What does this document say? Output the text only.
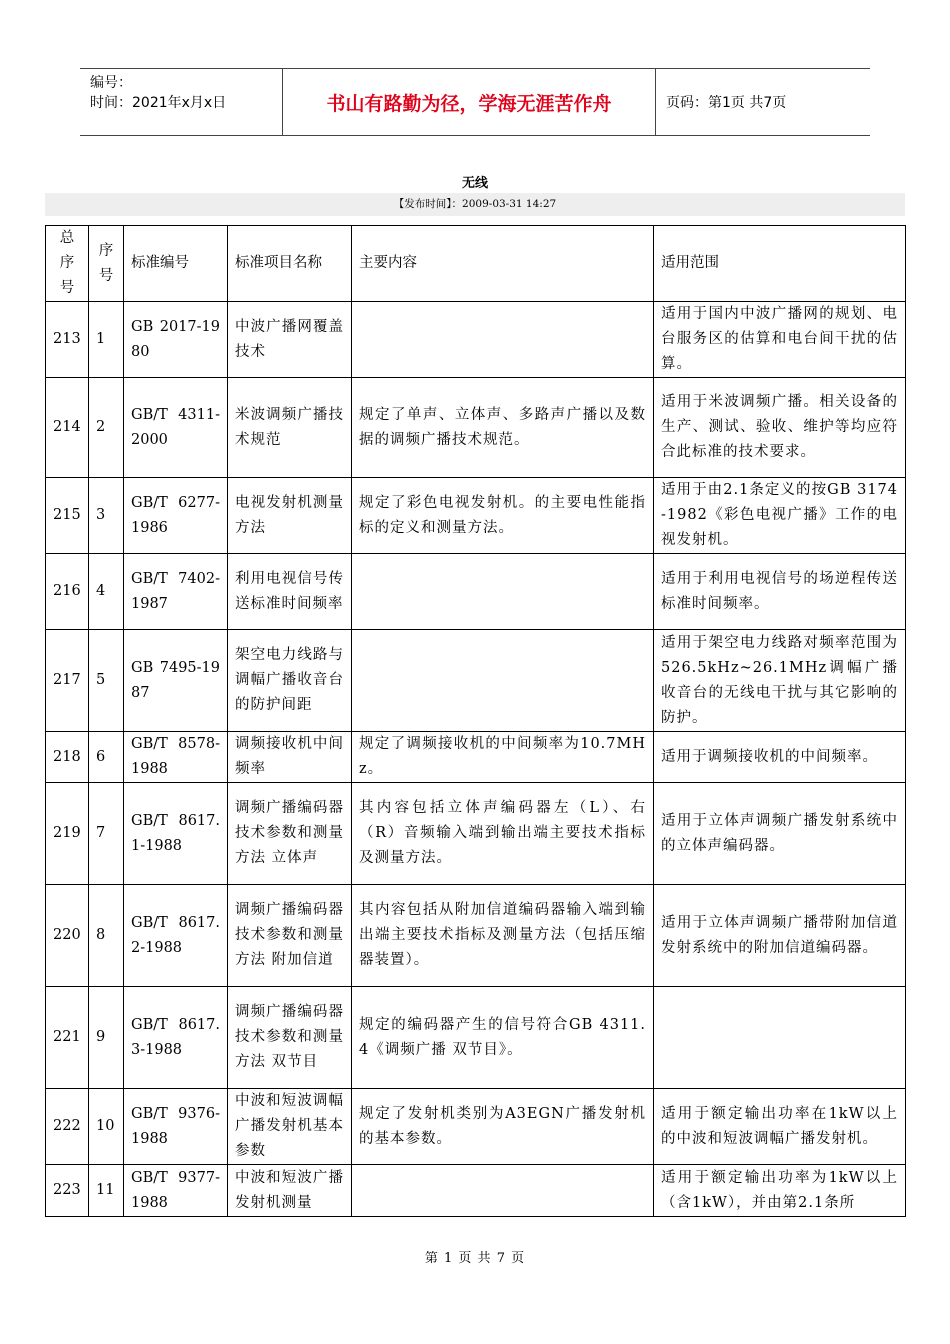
编号：
时间：2021年x月x日	书山有路勤为径，学海无涯苦作舟	页码：第1页 共7页
无线
【发布时间】：2009-03-31 14:27
总序号	序号	标准编号	标准项目名称	主要内容	适用范围
213	1	GB 2017-1980	中波广播网覆盖技术		适用于国内中波广播网的规划、电台服务区的估算和电台间干扰的估算。
214	2	GB/T 4311-2000	米波调频广播技术规范	规定了单声、立体声、多路声广播以及数据的调频广播技术规范。	适用于米波调频广播。相关设备的生产、测试、验收、维护等均应符合此标准的技术要求。
215	3	GB/T 6277-1986	电视发射机测量方法	规定了彩色电视发射机。的主要电性能指标的定义和测量方法。	适用于由2.1条定义的按GB 3174-1982《彩色电视广播》工作的电视发射机。
216	4	GB/T 7402-1987	利用电视信号传送标准时间频率		适用于利用电视信号的场逆程传送标准时间频率。
217	5	GB 7495-1987	架空电力线路与调幅广播收音台的防护间距		适用于架空电力线路对频率范围为526.5kHz~26.1MHz调幅广播收音台的无线电干扰与其它影响的防护。
218	6	GB/T 8578-1988	调频接收机中间频率	规定了调频接收机的中间频率为10.7MHz。	适用于调频接收机的中间频率。
219	7	GB/T 8617.1-1988	调频广播编码器技术参数和测量方法 立体声	其内容包括立体声编码器左（L）、右（R）音频输入端到输出端主要技术指标及测量方法。	适用于立体声调频广播发射系统中的立体声编码器。
220	8	GB/T 8617.2-1988	调频广播编码器技术参数和测量方法 附加信道	其内容包括从附加信道编码器输入端到输出端主要技术指标及测量方法（包括压缩器装置）。	适用于立体声调频广播带附加信道发射系统中的附加信道编码器。
221	9	GB/T 8617.3-1988	调频广播编码器技术参数和测量方法 双节目	规定的编码器产生的信号符合GB 4311.4《调频广播 双节目》。	
222	10	GB/T 9376-1988	中波和短波调幅广播发射机基本参数	规定了发射机类别为A3EGN广播发射机的基本参数。	适用于额定输出功率在1kW以上的中波和短波调幅广播发射机。
223	11	GB/T 9377-1988	中波和短波广播发射机测量		适用于额定输出功率为1kW以上（含1kW），并由第2.1条所
第 1 页 共 7 页
